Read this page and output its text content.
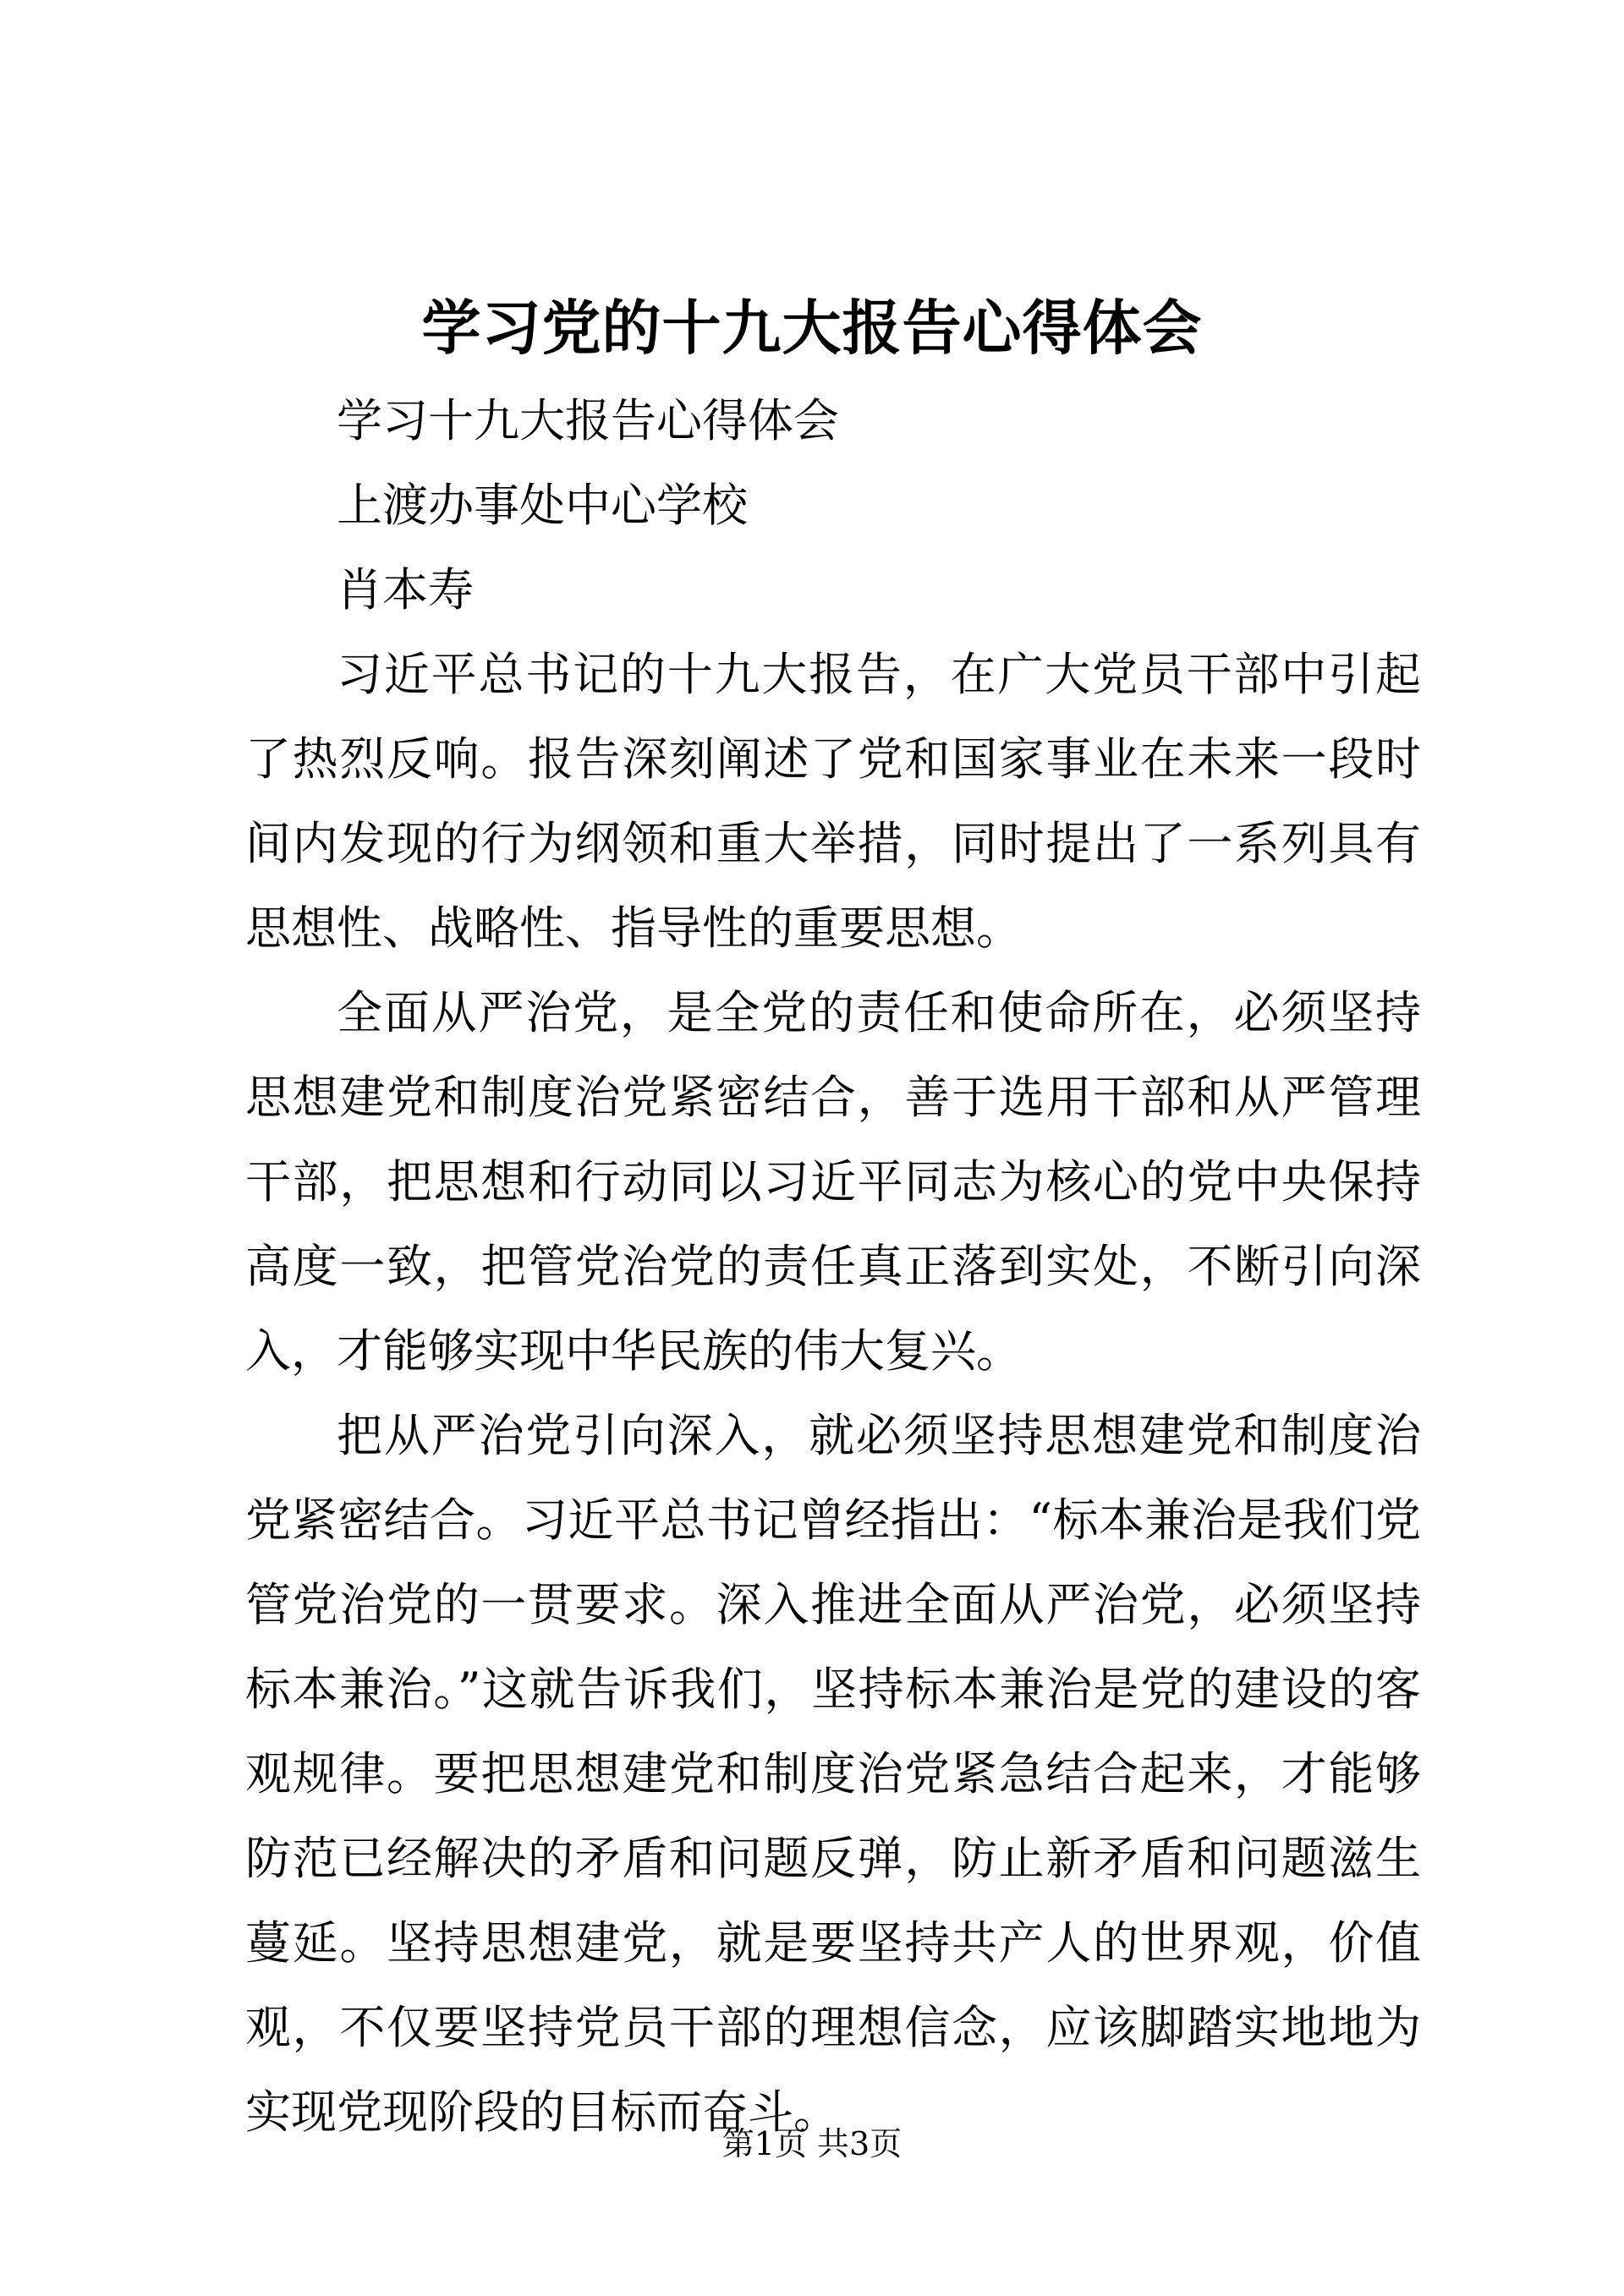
学习党的十九大报告心得体会

学习十九大报告心得体会

上渡办事处中心学校

肖本寿

习近平总书记的十九大报告，在广大党员干部中引起了热烈反响。报告深刻阐述了党和国家事业在未来一段时间内发现的行为纲领和重大举措，同时提出了一系列具有思想性、战略性、指导性的重要思想。

全面从严治党，是全党的责任和使命所在，必须坚持思想建党和制度治党紧密结合，善于选用干部和从严管理干部，把思想和行动同以习近平同志为核心的党中央保持高度一致，把管党治党的责任真正落到实处，不断引向深入，才能够实现中华民族的伟大复兴。

把从严治党引向深入，就必须坚持思想建党和制度治党紧密结合。习近平总书记曾经指出：“标本兼治是我们党管党治党的一贯要求。深入推进全面从严治党，必须坚持标本兼治。”这就告诉我们，坚持标本兼治是党的建设的客观规律。要把思想建党和制度治党紧急结合起来，才能够防范已经解决的矛盾和问题反弹，防止新矛盾和问题滋生蔓延。坚持思想建党，就是要坚持共产人的世界观，价值观，不仅要坚持党员干部的理想信念，应该脚踏实地地为实现党现阶段的目标而奋斗。

第1页 共3页
